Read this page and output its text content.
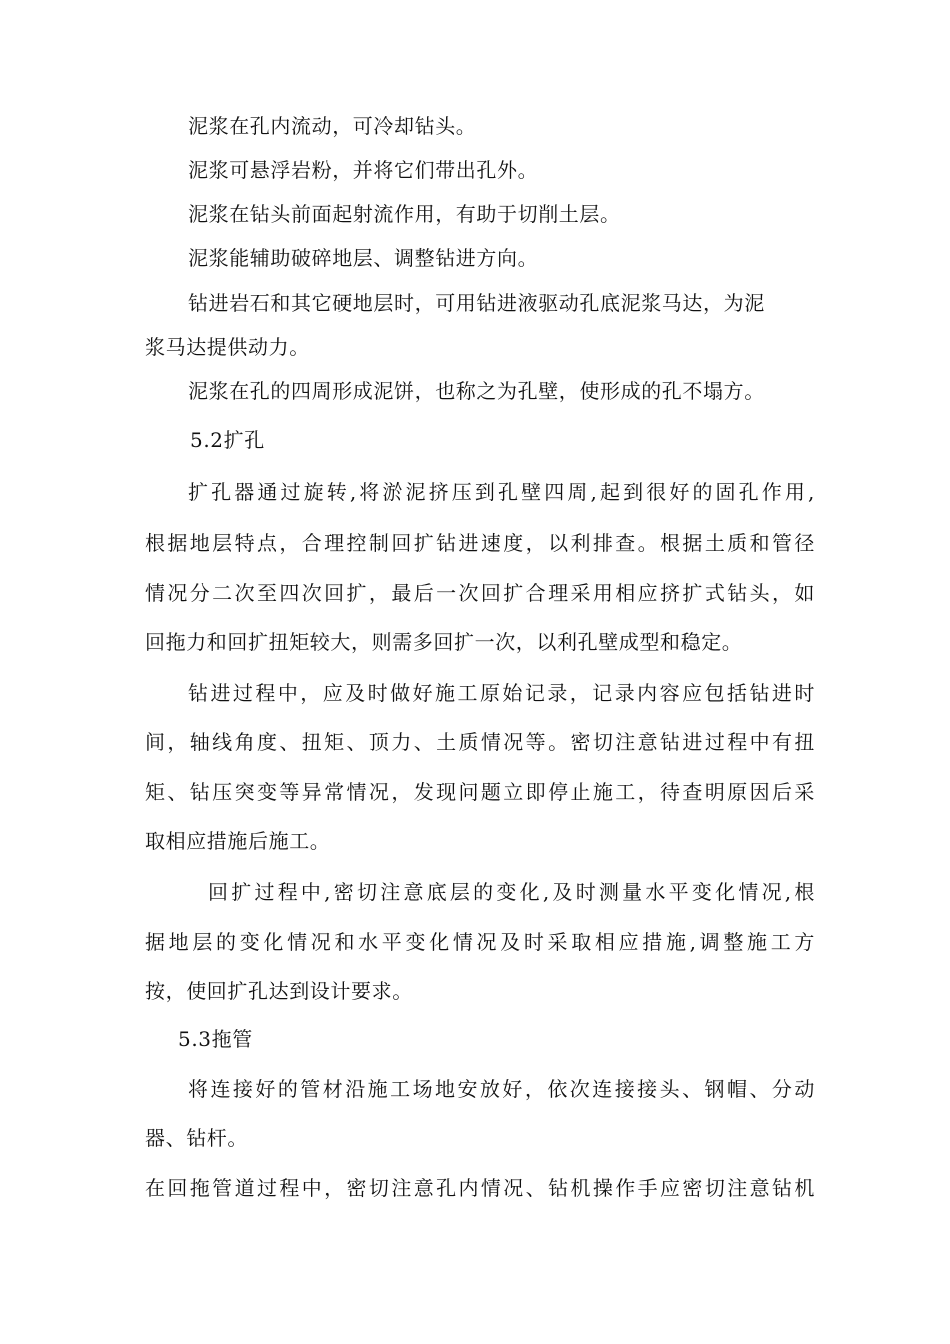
泥浆在孔内流动，可冷却钻头。
泥浆可悬浮岩粉，并将它们带出孔外。
泥浆在钻头前面起射流作用，有助于切削土层。
泥浆能辅助破碎地层、调整钻进方向。
钻进岩石和其它硬地层时，可用钻进液驱动孔底泥浆马达，为泥
浆马达提供动力。
泥浆在孔的四周形成泥饼，也称之为孔壁，使形成的孔不塌方。
5.2扩孔
扩孔器通过旋转,将淤泥挤压到孔壁四周,起到很好的固孔作用,
根据地层特点，合理控制回扩钻进速度，以利排查。根据土质和管径
情况分二次至四次回扩，最后一次回扩合理采用相应挤扩式钻头，如
回拖力和回扩扭矩较大，则需多回扩一次，以利孔壁成型和稳定。
钻进过程中，应及时做好施工原始记录，记录内容应包括钻进时
间，轴线角度、扭矩、顶力、土质情况等。密切注意钻进过程中有扭
矩、钻压突变等异常情况，发现问题立即停止施工，待查明原因后采
取相应措施后施工。
回扩过程中,密切注意底层的变化,及时测量水平变化情况,根
据地层的变化情况和水平变化情况及时采取相应措施,调整施工方
按，使回扩孔达到设计要求。
5.3拖管
将连接好的管材沿施工场地安放好，依次连接接头、钢帽、分动
器、钻杆。
在回拖管道过程中，密切注意孔内情况、钻机操作手应密切注意钻机
